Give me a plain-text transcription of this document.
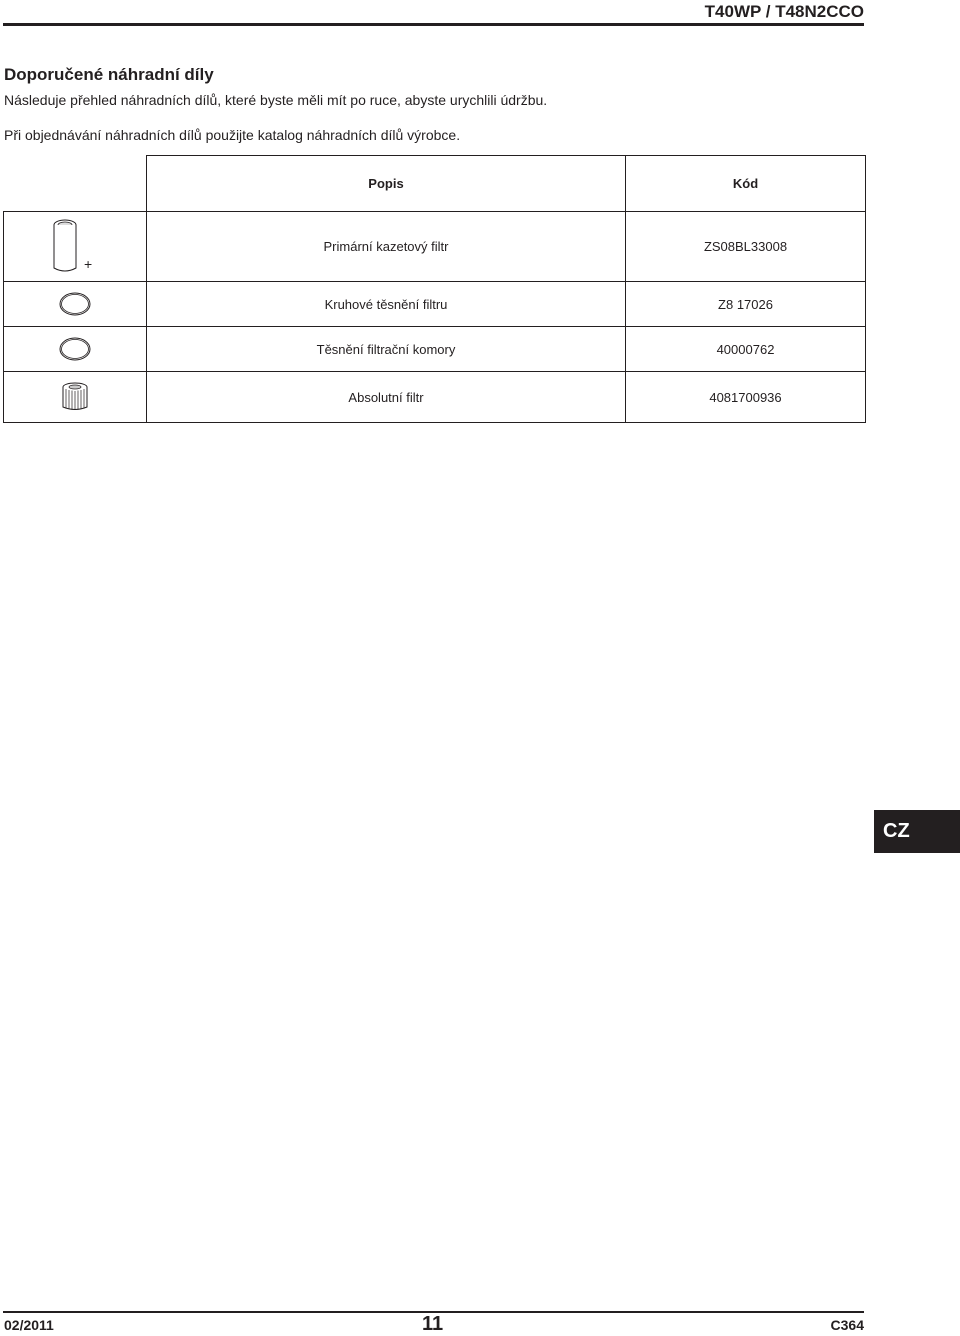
T40WP / T48N2CCO
Doporučené náhradní díly
Následuje přehled náhradních dílů, které byste měli mít po ruce, abyste urychlili údržbu.
Při objednávání náhradních dílů použijte katalog náhradních dílů výrobce.
	Popis	Kód

+	Primární kazetový filtr	ZS08BL33008

	Kruhové těsnění filtru	Z8 17026

	Těsnění filtrační komory	40000762

	Absolutní filtr	4081700936
CZ
02/2011	11	C364
